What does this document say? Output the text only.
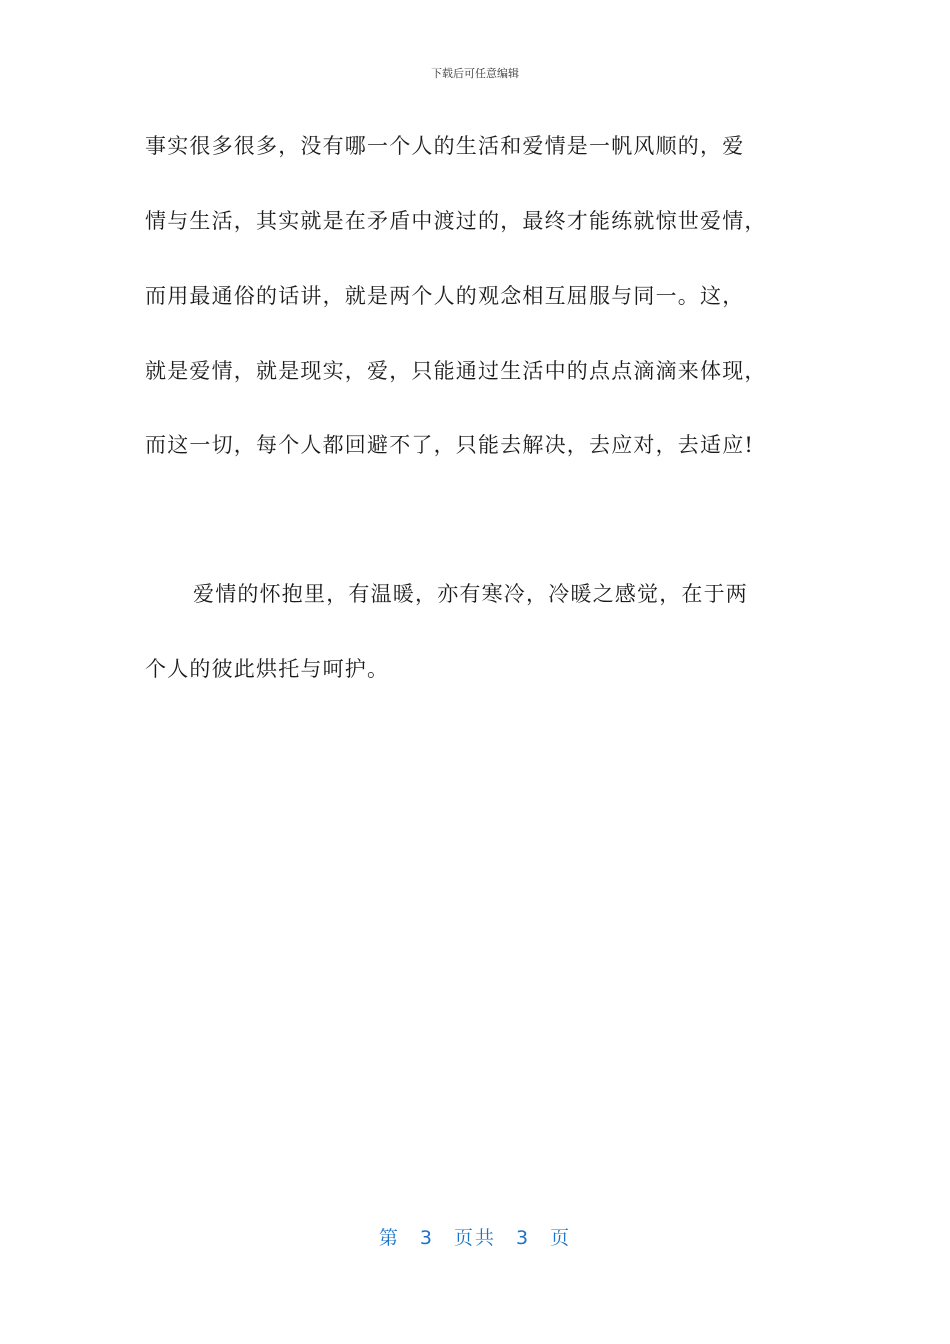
下载后可任意编辑
事实很多很多，没有哪一个人的生活和爱情是一帆风顺的，爱
情与生活，其实就是在矛盾中渡过的，最终才能练就惊世爱情，
而用最通俗的话讲，就是两个人的观念相互屈服与同一。这，
就是爱情，就是现实，爱，只能通过生活中的点点滴滴来体现，
而这一切，每个人都回避不了，只能去解决，去应对，去适应!
爱情的怀抱里，有温暖，亦有寒冷，冷暖之感觉，在于两
个人的彼此烘托与呵护。
第 3 页共 3 页
